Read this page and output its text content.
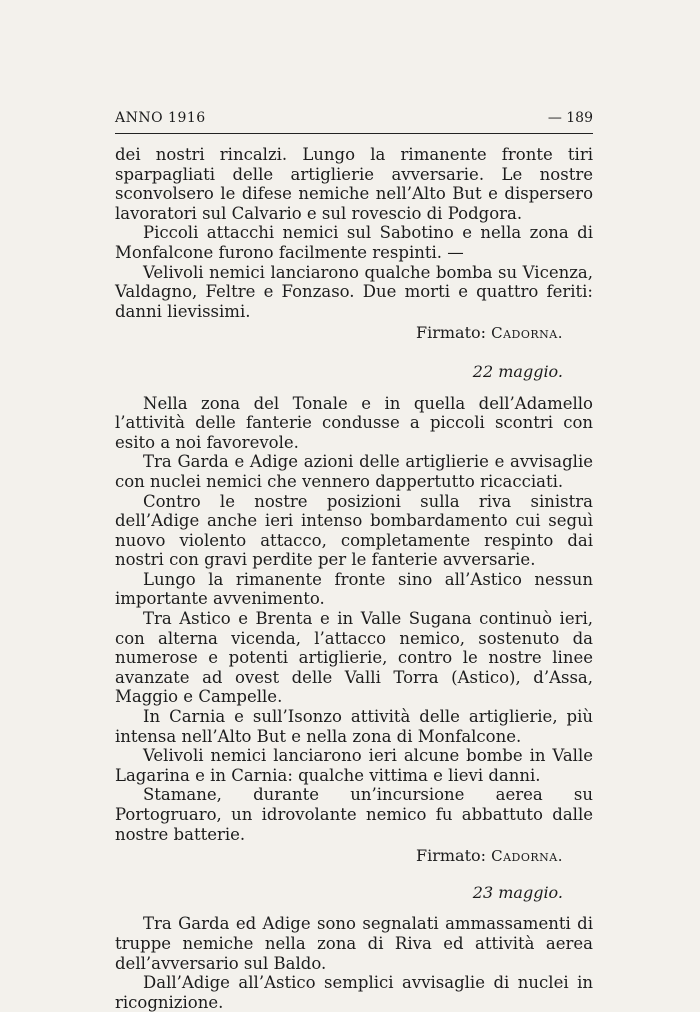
ANNO 1916	— 189

dei nostri rincalzi. Lungo la rimanente fronte tiri sparpagliati delle artiglierie avversarie. Le nostre sconvolsero le difese nemiche nell’Alto But e dispersero lavoratori sul Calvario e sul rovescio di Podgora.

Piccoli attacchi nemici sul Sabotino e nella zona di Monfalcone furono facilmente respinti. —

Velivoli nemici lanciarono qualche bomba su Vicenza, Valdagno, Feltre e Fonzaso. Due morti e quattro feriti: danni lievissimi.

Firmato: Cadorna.
22 maggio.

Nella zona del Tonale e in quella dell’Adamello l’attività delle fanterie condusse a piccoli scontri con esito a noi favorevole.

Tra Garda e Adige azioni delle artiglierie e avvisaglie con nuclei nemici che vennero dappertutto ricacciati.

Contro le nostre posizioni sulla riva sinistra dell’Adige anche ieri intenso bombardamento cui seguì nuovo violento attacco, completamente respinto dai nostri con gravi perdite per le fanterie avversarie.

Lungo la rimanente fronte sino all’Astico nessun importante avvenimento.

Tra Astico e Brenta e in Valle Sugana continuò ieri, con alterna vicenda, l’attacco nemico, sostenuto da numerose e potenti artiglierie, contro le nostre linee avanzate ad ovest delle Valli Torra (Astico), d’Assa, Maggio e Campelle.

In Carnia e sull’Isonzo attività delle artiglierie, più intensa nell’Alto But e nella zona di Monfalcone.

Velivoli nemici lanciarono ieri alcune bombe in Valle Lagarina e in Carnia: qualche vittima e lievi danni.

Stamane, durante un’incursione aerea su Portogruaro, un idrovolante nemico fu abbattuto dalle nostre batterie.

Firmato: Cadorna.
23 maggio.

Tra Garda ed Adige sono segnalati ammassamenti di truppe nemiche nella zona di Riva ed attività aerea dell’avversario sul Baldo.

Dall’Adige all’Astico semplici avvisaglie di nuclei in ricognizione.
